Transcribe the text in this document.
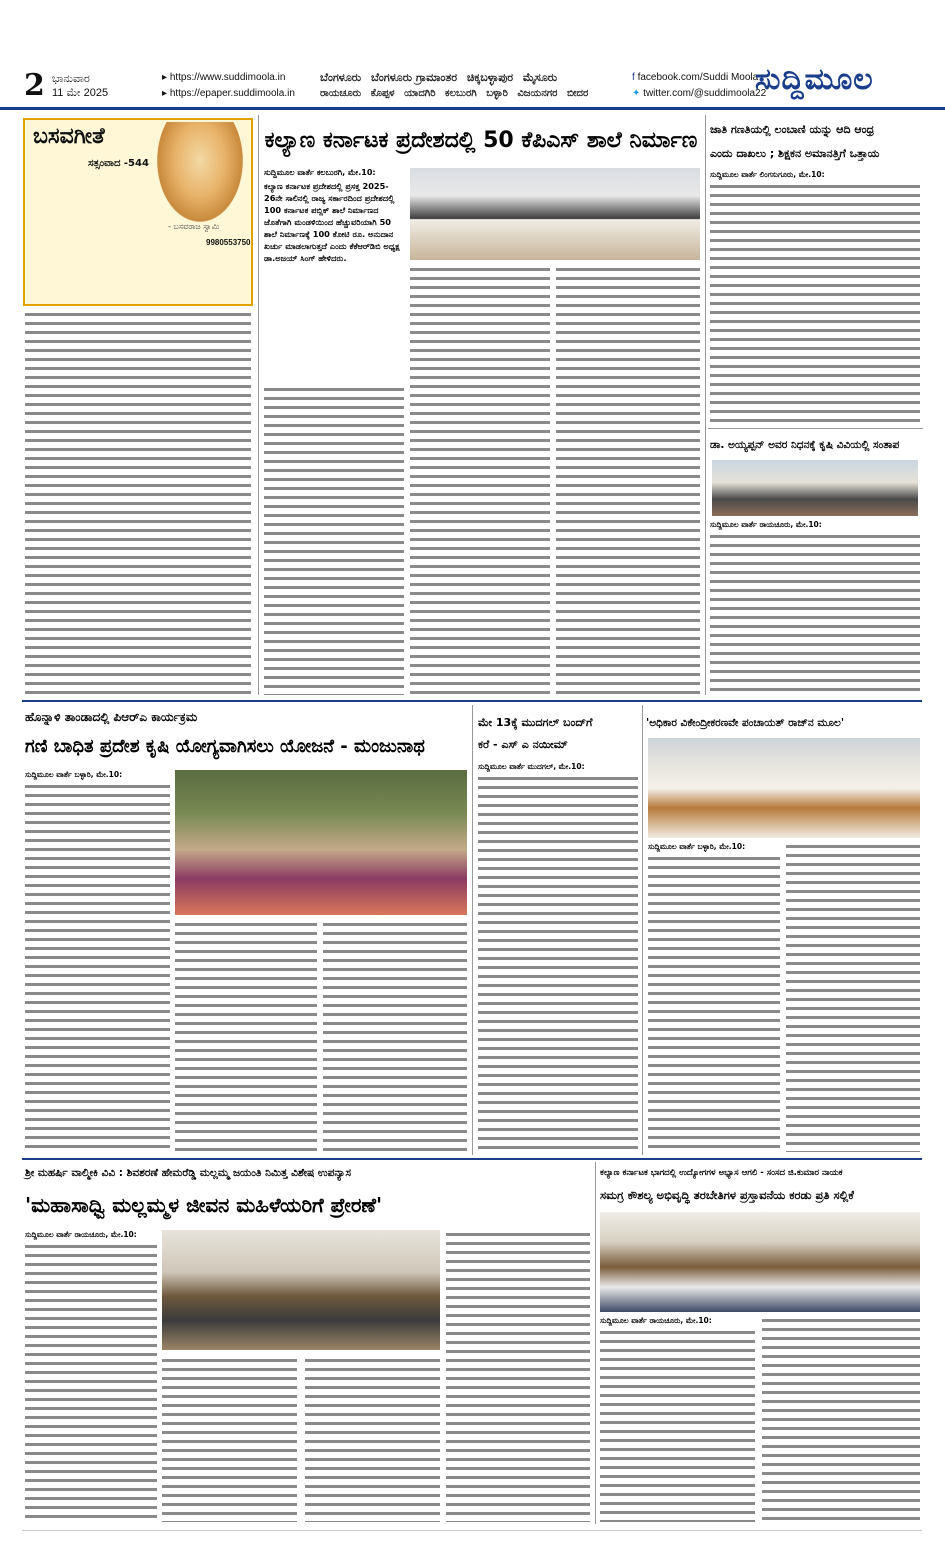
2 ಭಾನುವಾರ
11 ಮೇ 2025
▸ https://www.suddimoola.in
▸ https://epaper.suddimoola.in
ಬೆಂಗಳೂರು ಬೆಂಗಳೂರು ಗ್ರಾಮಾಂತರ ಚಿಕ್ಕಬಳ್ಳಾಪುರ ಮೈಸೂರು
ರಾಯಚೂರು ಕೊಪ್ಪಳ ಯಾದಗಿರಿ ಕಲಬುರಗಿ ಬಳ್ಳಾರಿ ವಿಜಯನಗರ ಬೀದರ
f facebook.com/Suddi Moola
✦ twitter.com/@suddimoola22
ಸುದ್ದಿಮೂಲ
ಬಸವಗೀತೆ
ಸತ್ಸಂವಾದ -544
- ಬಸವರಾಜ ಸ್ವಾಮಿ
9980553750
ಕಲ್ಯಾಣ ಕರ್ನಾಟಕ ಪ್ರದೇಶದಲ್ಲಿ 50 ಕೆಪಿಎಸ್ ಶಾಲೆ ನಿರ್ಮಾಣ
ಸುದ್ದಿಮೂಲ ವಾರ್ತೆ ಕಲಬುರಗಿ, ಮೇ.10:
ಕಲ್ಯಾಣ ಕರ್ನಾಟಕ ಪ್ರದೇಶದಲ್ಲಿ ಪ್ರಸಕ್ತ 2025-26ನೇ ಸಾಲಿನಲ್ಲಿ ರಾಜ್ಯ ಸರ್ಕಾರದಿಂದ ಪ್ರದೇಶದಲ್ಲಿ 100 ಕರ್ನಾಟಕ ಪಬ್ಲಿಕ್ ಶಾಲೆ ನಿರ್ಮಾಣದ ಜೊತೆಗಾಗಿ ಮಂಡಳಿಯಿಂದ ಹೆಚ್ಚುವರಿಯಾಗಿ 50 ಶಾಲೆ ನಿರ್ಮಾಣಕ್ಕೆ 100 ಕೋಟಿ ರೂ. ಅನುದಾನ ಖರ್ಚು ಮಾಡಲಾಗುತ್ತದೆ ಎಂದು ಕೆಕೆಆರ್‌ಡಿಬಿ ಅಧ್ಯಕ್ಷ ಡಾ.ಅಜಯ್ ಸಿಂಗ್ ಹೇಳಿದರು.
ಜಾತಿ ಗಣತಿಯಲ್ಲಿ ಲಂಬಾಣಿ ಯನ್ನು ಆದಿ ಆಂಧ್ರ
ಎಂದು ದಾಖಲು ; ಶಿಕ್ಷಕನ ಅಮಾನತ್ತಿಗೆ ಒತ್ತಾಯ
ಸುದ್ದಿಮೂಲ ವಾರ್ತೆ ಲಿಂಗಸುಗೂರು, ಮೇ.10:
ಡಾ. ಅಯ್ಯಪ್ಪನ್ ಅವರ ನಿಧನಕ್ಕೆ ಕೃಷಿ ವಿವಿಯಲ್ಲಿ ಸಂತಾಪ
ಸುದ್ದಿಮೂಲ ವಾರ್ತೆ ರಾಯಚೂರು, ಮೇ.10:
ಹೊನ್ನಾಳಿ ತಾಂಡಾದಲ್ಲಿ ಪಿಆರ್‌ಎ ಕಾರ್ಯಕ್ರಮ
ಗಣಿ ಬಾಧಿತ ಪ್ರದೇಶ ಕೃಷಿ ಯೋಗ್ಯವಾಗಿಸಲು ಯೋಜನೆ - ಮಂಜುನಾಥ
ಸುದ್ದಿಮೂಲ ವಾರ್ತೆ ಬಳ್ಳಾರಿ, ಮೇ.10:
ಮೇ 13ಕ್ಕೆ ಮುದಗಲ್ ಬಂದ್‌ಗೆ
ಕರೆ - ಎಸ್ ಎ ನಯೀಮ್
ಸುದ್ದಿಮೂಲ ವಾರ್ತೆ ಮುದಗಲ್, ಮೇ.10:
'ಅಧಿಕಾರ ವಿಕೇಂದ್ರೀಕರಣವೇ ಪಂಚಾಯತ್ ರಾಜ್‌ನ ಮೂಲ'
ಸುದ್ದಿಮೂಲ ವಾರ್ತೆ ಬಳ್ಳಾರಿ, ಮೇ.10:
ಶ್ರೀ ಮಹರ್ಷಿ ವಾಲ್ಮೀಕಿ ವಿವಿ : ಶಿವಶರಣೆ ಹೇಮರೆಡ್ಡಿ ಮಲ್ಲಮ್ಮ ಜಯಂತಿ ನಿಮಿತ್ತ ವಿಶೇಷ ಉಪನ್ಯಾಸ
'ಮಹಾಸಾಧ್ವಿ ಮಲ್ಲಮ್ಮಳ ಜೀವನ ಮಹಿಳೆಯರಿಗೆ ಪ್ರೇರಣೆ'
ಸುದ್ದಿಮೂಲ ವಾರ್ತೆ ರಾಯಚೂರು, ಮೇ.10:
ಕಲ್ಯಾಣ ಕರ್ನಾಟಕ ಭಾಗದಲ್ಲಿ ಉದ್ಯೋಗಗಳ ಅಭ್ಯಾಸ ಆಗಲಿ - ಸಂಸದ ಜಿ.ಕುಮಾರ ನಾಯಕ
ಸಮಗ್ರ ಕೌಶಲ್ಯ ಅಭಿವೃದ್ಧಿ ತರಬೇತಿಗಳ ಪ್ರಸ್ತಾವನೆಯ ಕರಡು ಪ್ರತಿ ಸಲ್ಲಿಕೆ
ಸುದ್ದಿಮೂಲ ವಾರ್ತೆ ರಾಯಚೂರು, ಮೇ.10:
